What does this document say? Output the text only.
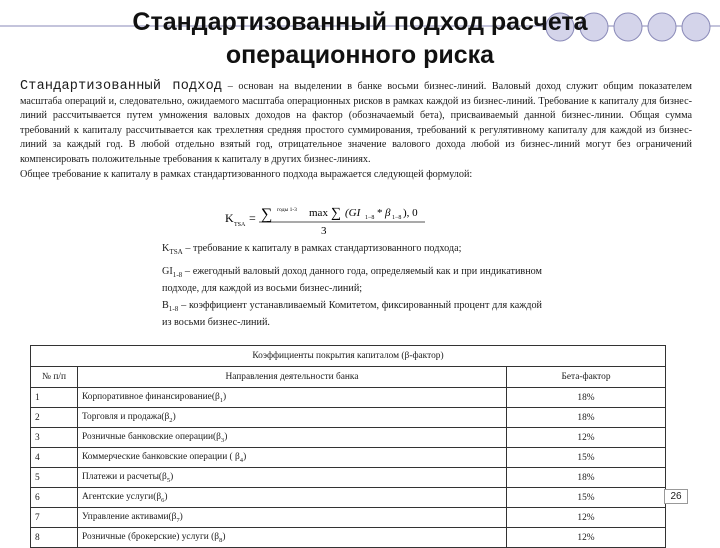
Стандартизованный подход расчета
операционного риска

Стандартизованный подход – основан на выделении в банке восьми бизнес-линий. Валовый доход служит общим показателем масштаба операций и, следовательно, ожидаемого масштаба операционных рисков в рамках каждой из бизнес-линий. Требование к капиталу для бизнес-линий рассчитывается путем умножения валовых доходов на фактор (обозначаемый бета), присваиваемый данной бизнес-линии. Общая сумма требований к капиталу рассчитывается как трехлетняя средняя простого суммирования, требований к регулятивному капиталу для каждой из бизнес-линий за каждый год. В любой отдельно взятый год, отрицательное значение валового дохода любой из бизнес-линий могут без ограничений компенсировать положительные требования к капиталу в других бизнес-линиях.
Общее требование к капиталу в рамках стандартизованного подхода выражается следующей формулой:

K TSA = ∑ годы 1-3 max ∑ (GI 1−8 * β 1−8 ), 0
3

$K_{TSA}$ – требование к капиталу в рамках стандартизованного подхода;

$GI_{1-8}$ – ежегодный валовый доход данного года, определяемый как и при индикативном подходе, для каждой из восьми бизнес-линий;

$B_{1-8}$ – коэффициент устанавливаемый Комитетом, фиксированный процент для каждой из восьми бизнес-линий.

Коэффициенты покрытия капиталом (β-фактор)		
№ п/п	Направления деятельности банка	Бета-фактор
1	Корпоративное $финансирование(\beta_1)$	18%
2	Торговля и $продажа(\beta_2)$	18%
3	Розничные банковские $операции(\beta_3)$	12%
4	Коммерческие банковские операции ( $\beta_4$)	15%
5	Платежи и $расчеты(\beta_5)$	18%
6	Агентские $услуги(\beta_6)$	15%
7	Управление $активами(\beta_7)$	12%
8	Розничные (брокерские) услуги $(\beta_8)$	12%
26
